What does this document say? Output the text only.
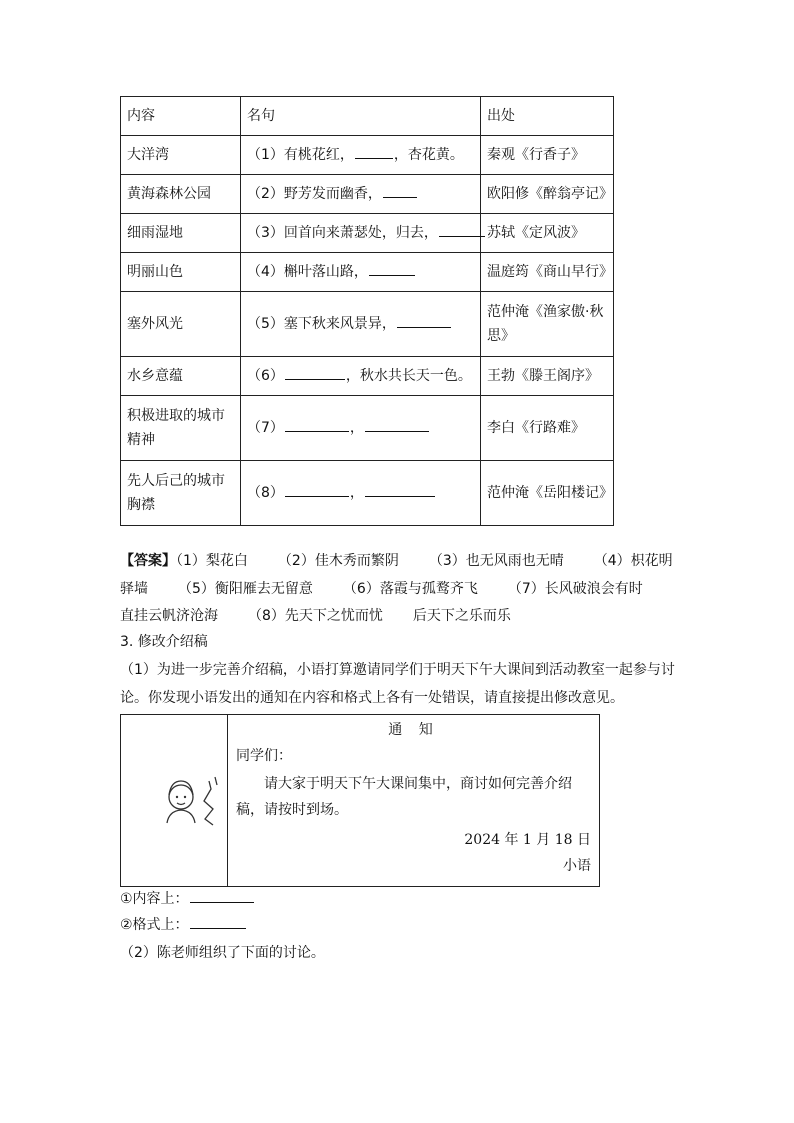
内容	名句	出处
大洋湾	（1）有桃花红， ，杏花黄。	秦观《行香子》
黄海森林公园	（2）野芳发而幽香，	欧阳修《醉翁亭记》
细雨湿地	（3）回首向来萧瑟处，归去，	苏轼《定风波》
明丽山色	（4）槲叶落山路，	温庭筠《商山早行》
塞外风光	（5）塞下秋来风景异，	范仲淹《渔家傲·秋思》
水乡意蕴	（6） ，秋水共长天一色。	王勃《滕王阁序》
积极进取的城市精神	（7） ，	李白《行路难》
先人后己的城市胸襟	（8） ，	范仲淹《岳阳楼记》
【答案】（1）梨花白 （2）佳木秀而繁阴 （3）也无风雨也无晴 （4）枳花明驿墙 （5）衡阳雁去无留意 （6）落霞与孤鹜齐飞 （7）长风破浪会有时直挂云帆济沧海 （8）先天下之忧而忧 后天下之乐而乐
3. 修改介绍稿
（1）为进一步完善介绍稿，小语打算邀请同学们于明天下午大课间到活动教室一起参与讨论。你发现小语发出的通知在内容和格式上各有一处错误，请直接提出修改意见。
通 知
同学们：
请大家于明天下午大课间集中，商讨如何完善介绍稿，请按时到场。
2024 年 1 月 18 日
小语
①内容上：
②格式上：
（2）陈老师组织了下面的讨论。
